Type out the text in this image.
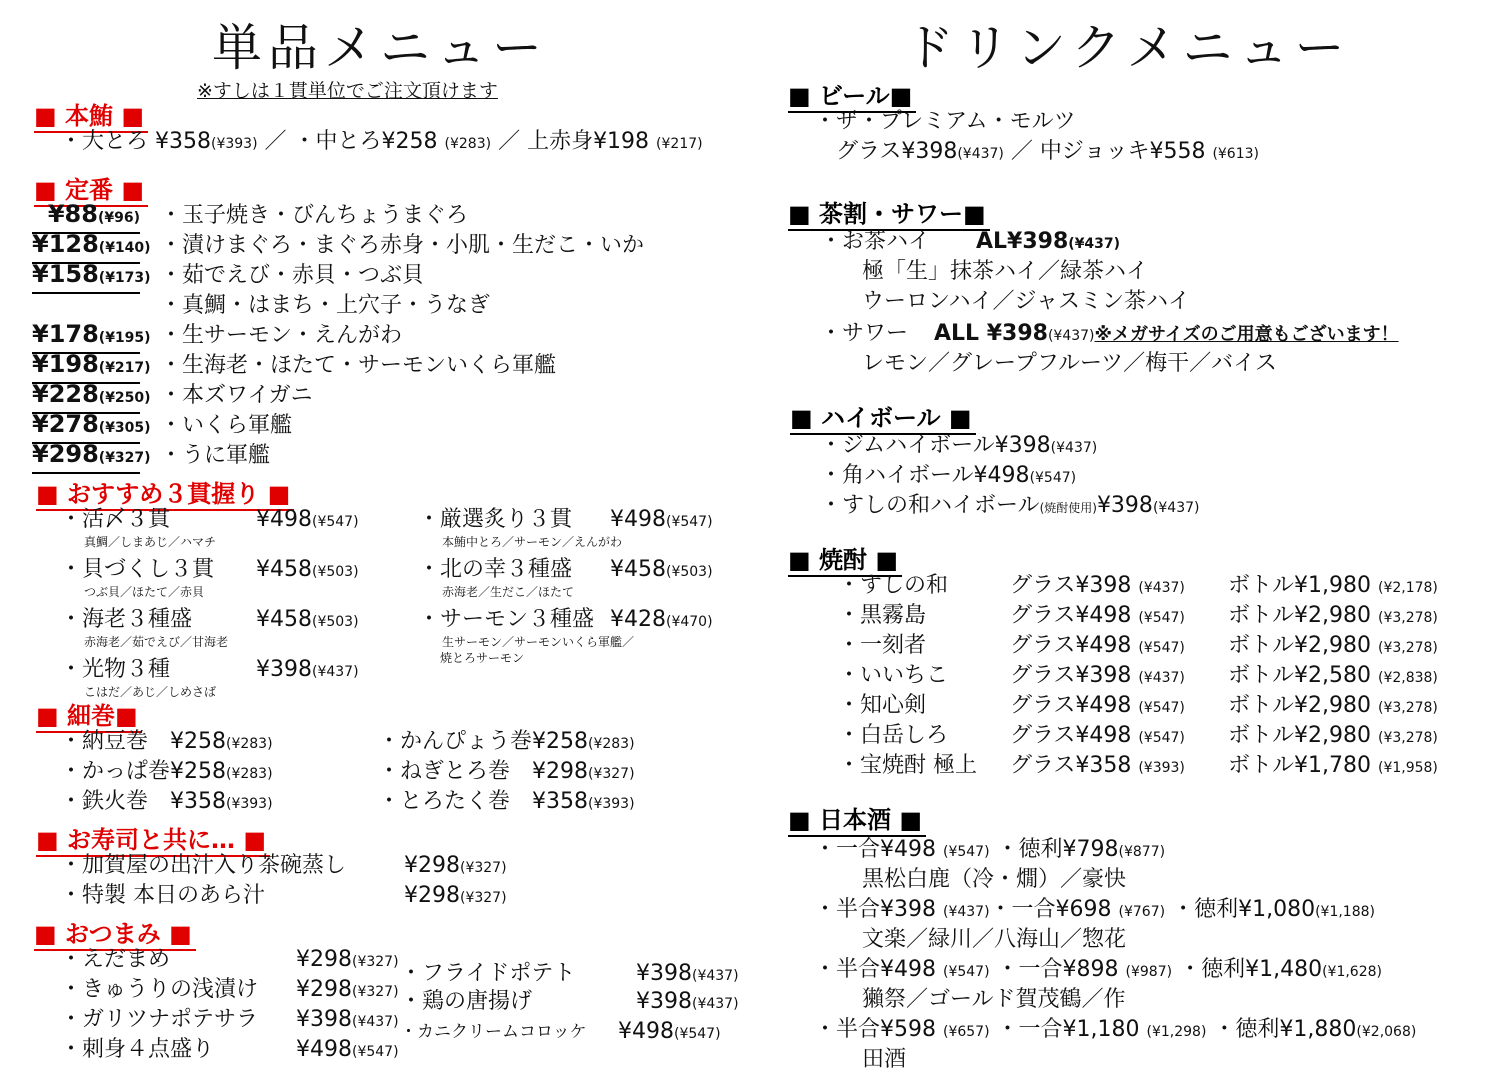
単品メニュー
※すしは１貫単位でご注文頂けます
■ 本鮪 ■
・大とろ ¥358(¥393) ／ ・中とろ¥258 (¥283) ／ 上赤身¥198 (¥217)
■ 定番 ■
¥88(¥96) ・玉子焼き・びんちょうまぐろ
¥128(¥140) ・漬けまぐろ・まぐろ赤身・小肌・生だこ・いか
¥158(¥173) ・茹でえび・赤貝・つぶ貝
・真鯛・はまち・上穴子・うなぎ
¥178(¥195) ・生サーモン・えんがわ
¥198(¥217) ・生海老・ほたて・サーモンいくら軍艦
¥228(¥250) ・本ズワイガニ
¥278(¥305) ・いくら軍艦
¥298(¥327) ・うに軍艦
■ おすすめ３貫握り ■
・活〆３貫	¥498(¥547)
真鯛／しまあじ／ハマチ
・厳選炙り３貫 ¥498(¥547)
本鮪中とろ／サーモン／えんがわ
・貝づくし３貫 ¥458(¥503)
つぶ貝／ほたて／赤貝
・北の幸３種盛 ¥458(¥503)
赤海老／生だこ／ほたて
・海老３種盛	¥458(¥503)
赤海老／茹でえび／甘海老
・サーモン３種盛 ¥428(¥470)
生サーモン／サーモンいくら軍艦／
焼とろサーモン
・光物３種	¥398(¥437)
こはだ／あじ／しめさば
■ 細巻■
・納豆巻　¥258(¥283)	・かんぴょう巻¥258(¥283)
・かっぱ巻¥258(¥283)	・ねぎとろ巻　¥298(¥327)
・鉄火巻　¥358(¥393)	・とろたく巻　¥358(¥393)
■ お寿司と共に… ■
・加賀屋の出汁入り茶碗蒸し	¥298(¥327)
・特製 本日のあら汁	¥298(¥327)
■ おつまみ ■
・えだまめ	¥298(¥327)
・きゅうりの浅漬け ¥298(¥327)
・ガリツナポテサラ ¥398(¥437)
・刺身４点盛り	¥498(¥547)
・フライドポテト	¥398(¥437)
・鶏の唐揚げ	¥398(¥437)
・カニクリームコロッケ ¥498(¥547)
ドリンクメニュー
■ ビール■
・ザ・プレミアム・モルツ
グラス¥398(¥437) ／ 中ジョッキ¥558 (¥613)
■ 茶割・サワー■
・お茶ハイ AL¥398(¥437)
極「生」抹茶ハイ／緑茶ハイ
ウーロンハイ／ジャスミン茶ハイ
・サワー ALL ¥398(¥437)※メガサイズのご用意もございます！
レモン／グレープフルーツ／梅干／バイス
■ ハイボール ■
・ジムハイボール¥398(¥437)
・角ハイボール¥498(¥547)
・すしの和ハイボール(焼酎使用)¥398(¥437)
■ 焼酎 ■
・すしの和	グラス¥398 (¥437) ボトル¥1,980 (¥2,178)
・黒霧島	グラス¥498 (¥547) ボトル¥2,980 (¥3,278)
・一刻者	グラス¥498 (¥547) ボトル¥2,980 (¥3,278)
・いいちこ	グラス¥398 (¥437) ボトル¥2,580 (¥2,838)
・知心剣	グラス¥498 (¥547) ボトル¥2,980 (¥3,278)
・白岳しろ	グラス¥498 (¥547) ボトル¥2,980 (¥3,278)
・宝焼酎 極上 グラス¥358 (¥393) ボトル¥1,780 (¥1,958)
■ 日本酒 ■
・一合¥498 (¥547) ・徳利¥798(¥877)
黒松白鹿（冷・燗）／豪快
・半合¥398 (¥437)・一合¥698 (¥767) ・徳利¥1,080(¥1,188)
文楽／緑川／八海山／惣花
・半合¥498 (¥547) ・一合¥898 (¥987) ・徳利¥1,480(¥1,628)
獺祭／ゴールド賀茂鶴／作
・半合¥598 (¥657) ・一合¥1,180 (¥1,298) ・徳利¥1,880(¥2,068)
田酒
